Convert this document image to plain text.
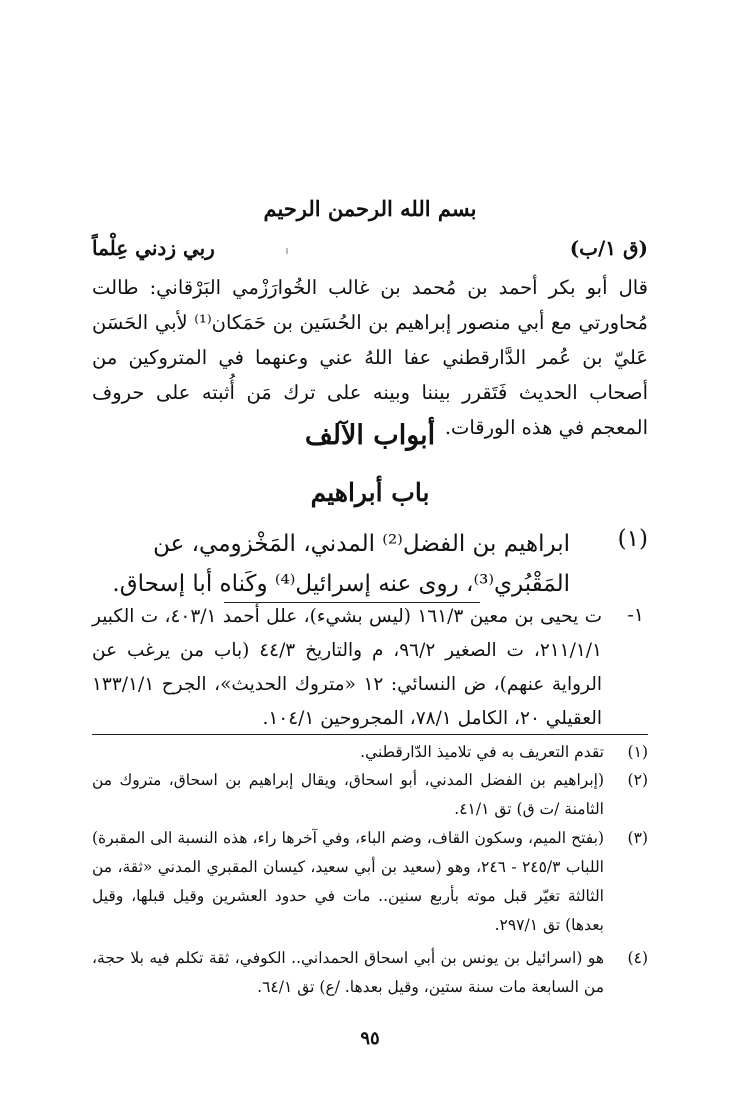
بسم الله الرحمن الرحيم
(ق ١/ب)
ربي زدني عِلْماً
قال أبو بكر أحمد بن مُحمد بن غالب الخُوارَزْمي البَرْقاني: طالت مُحاورتي مع أبي منصور إبراهيم بن الحُسَين بن حَمَكان⁽¹⁾ لأبي الحَسَن عَليّ بن عُمر الدَّارقطني عفا اللهُ عني وعنهما في المتروكين من أصحاب الحديث فَتَقرر بيننا وبينه على ترك مَن أُثبته على حروف المعجم في هذه الورقات.
أبواب الآلف
باب أبراهيم
(١)
ابراهيم بن الفضل⁽²⁾ المدني، المَخْزومي، عن المَقْبُري⁽³⁾، روى عنه إسرائيل⁽⁴⁾ وكَناه أبا إسحاق.
١-
ت يحيى بن معين ١٦١/٣ (ليس بشيء)، علل أحمد ٤٠٣/١، ت الكبير ٢١١/١/١، ت الصغير ٩٦/٢، م والتاريخ ٤٤/٣ (باب من يرغب عن الرواية عنهم)، ض النسائي: ١٢ «متروك الحديث»، الجرح ١٣٣/١/١ العقيلي ٢٠، الكامل ٧٨/١، المجروحين ١٠٤/١.
(١)
تقدم التعريف به في تلاميذ الدّارقطني.
(٢)
(إبراهيم بن الفضل المدني، أبو اسحاق، ويقال إبراهيم بن اسحاق، متروك من الثامنة /ت ق) تق ٤١/١.
(٣)
(بفتح الميم، وسكون القاف، وضم الباء، وفي آخرها راء، هذه النسبة الى المقبرة) اللباب ٢٤٥/٣ - ٢٤٦، وهو (سعيد بن أبي سعيد، كيسان المقبري المدني «ثقة، من الثالثة تغيّر قبل موته بأربع سنين.. مات في حدود العشرين وقيل قبلها، وقيل بعدها) تق ٢٩٧/١.
(٤)
هو (اسرائيل بن يونس بن أبي اسحاق الحمداني.. الكوفي، ثقة تكلم فيه بلا حجة، من السابعة مات سنة ستين، وقيل بعدها. /ع) تق ٦٤/١.
٩٥
